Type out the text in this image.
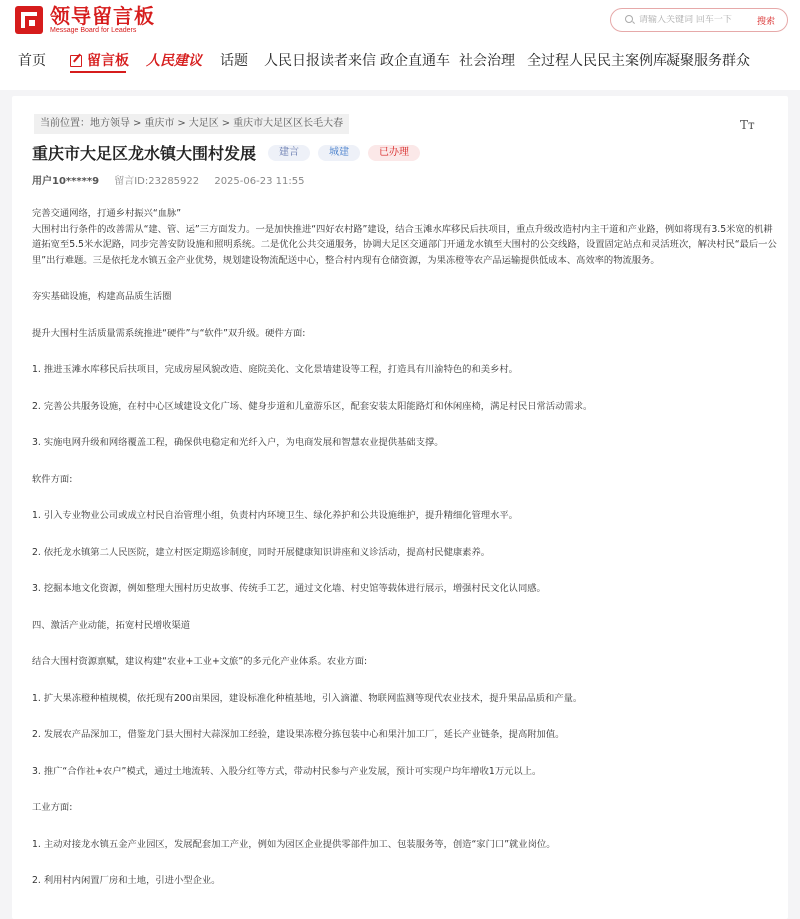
领导留言板
Message Board for Leaders
请输入关键词 回车一下
搜索
首页	留言板 人民建议 话题 人民日报读者来信 政企直通车 社会治理 全过程人民民主案例库 凝聚服务群众
当前位置：地方领导 > 重庆市 > 大足区 > 重庆市大足区区长毛大春	Tт
重庆市大足区龙水镇大围村发展	建言	城建	已办理
用户10*****9 留言ID:23285922 2025-06-23 11:55

完善交通网络，打通乡村振兴“血脉”

大围村出行条件的改善需从“建、管、运”三方面发力。一是加快推进“四好农村路”建设，结合玉滩水库移民后扶项目，重点升级改造村内主干道和产业路，例如将现有3.5米宽的机耕道拓宽至5.5米水泥路，同步完善安防设施和照明系统。二是优化公共交通服务，协调大足区交通部门开通龙水镇至大围村的公交线路，设置固定站点和灵活班次，解决村民“最后一公里”出行难题。三是依托龙水镇五金产业优势，规划建设物流配送中心，整合村内现有仓储资源，为果冻橙等农产品运输提供低成本、高效率的物流服务。

夯实基础设施，构建高品质生活圈

提升大围村生活质量需系统推进“硬件”与“软件”双升级。硬件方面:

1. 推进玉滩水库移民后扶项目，完成房屋风貌改造、庭院美化、文化景墙建设等工程，打造具有川渝特色的和美乡村。

2. 完善公共服务设施，在村中心区域建设文化广场、健身步道和儿童游乐区，配套安装太阳能路灯和休闲座椅，满足村民日常活动需求。

3. 实施电网升级和网络覆盖工程，确保供电稳定和光纤入户，为电商发展和智慧农业提供基础支撑。

软件方面:

1. 引入专业物业公司或成立村民自治管理小组，负责村内环境卫生、绿化养护和公共设施维护，提升精细化管理水平。

2. 依托龙水镇第二人民医院，建立村医定期巡诊制度，同时开展健康知识讲座和义诊活动，提高村民健康素养。

3. 挖掘本地文化资源，例如整理大围村历史故事、传统手工艺，通过文化墙、村史馆等载体进行展示，增强村民文化认同感。

四、激活产业动能，拓宽村民增收渠道

结合大围村资源禀赋，建议构建“农业+工业+文旅”的多元化产业体系。农业方面:

1. 扩大果冻橙种植规模，依托现有200亩果园，建设标准化种植基地，引入滴灌、物联网监测等现代农业技术，提升果品品质和产量。

2. 发展农产品深加工，借鉴龙门县大围村大蒜深加工经验，建设果冻橙分拣包装中心和果汁加工厂，延长产业链条，提高附加值。

3. 推广“合作社+农户”模式，通过土地流转、入股分红等方式，带动村民参与产业发展，预计可实现户均年增收1万元以上。

工业方面:

1. 主动对接龙水镇五金产业园区，发展配套加工产业，例如为园区企业提供零部件加工、包装服务等，创造“家门口”就业岗位。

2. 利用村内闲置厂房和土地，引进小型企业。
